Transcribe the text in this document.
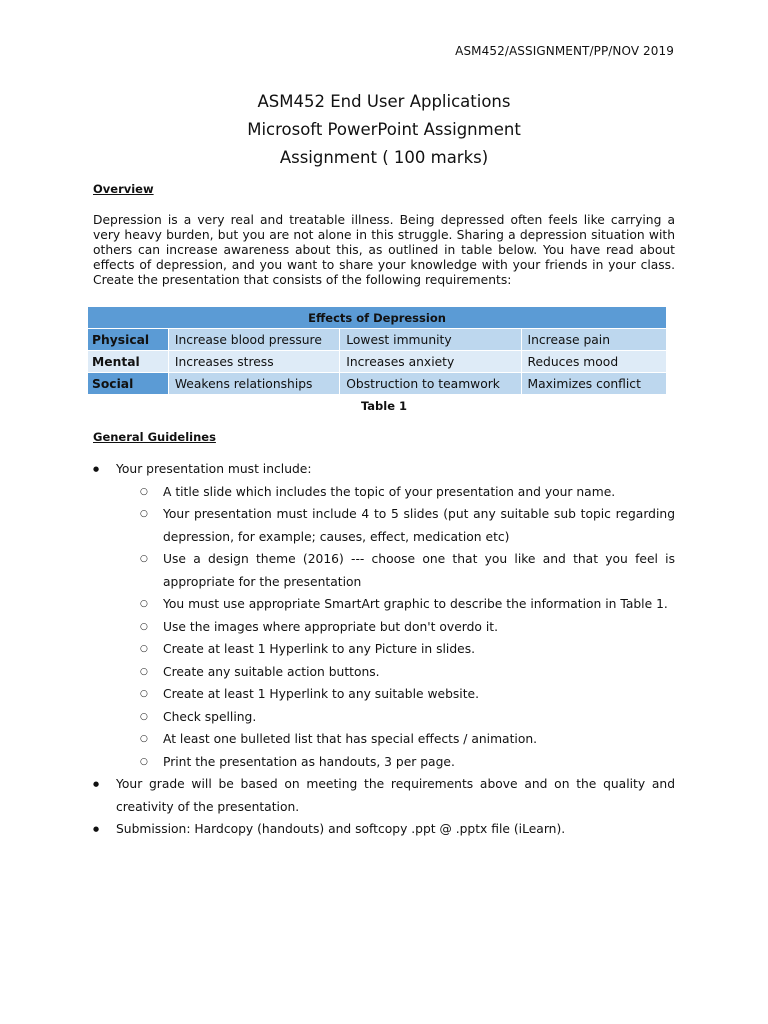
ASM452/ASSIGNMENT/PP/NOV 2019
ASM452 End User Applications
Microsoft PowerPoint Assignment
Assignment ( 100 marks)
Overview
Depression is a very real and treatable illness. Being depressed often feels like carrying a very heavy burden, but you are not alone in this struggle. Sharing a depression situation with others can increase awareness about this, as outlined in table below. You have read about effects of depression, and you want to share your knowledge with your friends in your class. Create the presentation that consists of the following requirements:
Effects of Depression			
Physical	Increase blood pressure	Lowest immunity	Increase pain
Mental	Increases stress	Increases anxiety	Reduces mood
Social	Weakens relationships	Obstruction to teamwork	Maximizes conflict
Table 1
General Guidelines
● Your presentation must include:
○ A title slide which includes the topic of your presentation and your name.
○ Your presentation must include 4 to 5 slides (put any suitable sub topic regarding depression, for example; causes, effect, medication etc)
○ Use a design theme (2016) --- choose one that you like and that you feel is appropriate for the presentation
○ You must use appropriate SmartArt graphic to describe the information in Table 1.
○ Use the images where appropriate but don't overdo it.
○ Create at least 1 Hyperlink to any Picture in slides.
○ Create any suitable action buttons.
○ Create at least 1 Hyperlink to any suitable website.
○ Check spelling.
○ At least one bulleted list that has special effects / animation.
○ Print the presentation as handouts, 3 per page.
● Your grade will be based on meeting the requirements above and on the quality and creativity of the presentation.
● Submission: Hardcopy (handouts) and softcopy .ppt @ .pptx file (iLearn).
